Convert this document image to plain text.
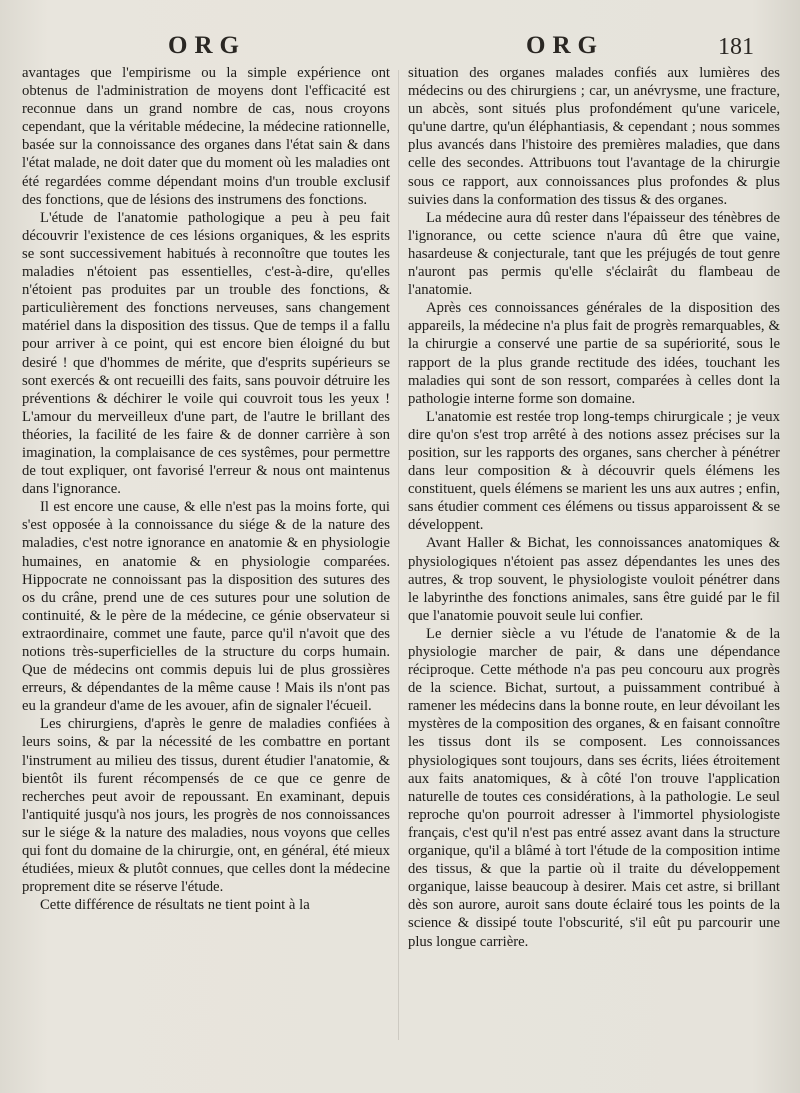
ORG	ORG	181

avantages que l'empirisme ou la simple expérience ont obtenus de l'administration de moyens dont l'efficacité est reconnue dans un grand nombre de cas, nous croyons cependant, que la véritable médecine, la médecine rationnelle, basée sur la connoissance des organes dans l'état sain & dans l'état malade, ne doit dater que du moment où les maladies ont été regardées comme dépendant moins d'un trouble exclusif des fonctions, que de lésions des instrumens des fonctions.

L'étude de l'anatomie pathologique a peu à peu fait découvrir l'existence de ces lésions organiques, & les esprits se sont successivement habitués à reconnoître que toutes les maladies n'étoient pas essentielles, c'est-à-dire, qu'elles n'étoient pas produites par un trouble des fonctions, & particulièrement des fonctions nerveuses, sans changement matériel dans la disposition des tissus. Que de temps il a fallu pour arriver à ce point, qui est encore bien éloigné du but desiré ! que d'hommes de mérite, que d'esprits supérieurs se sont exercés & ont recueilli des faits, sans pouvoir détruire les préventions & déchirer le voile qui couvroit tous les yeux ! L'amour du merveilleux d'une part, de l'autre le brillant des théories, la facilité de les faire & de donner carrière à son imagination, la complaisance de ces systêmes, pour permettre de tout expliquer, ont favorisé l'erreur & nous ont maintenus dans l'ignorance.

Il est encore une cause, & elle n'est pas la moins forte, qui s'est opposée à la connoissance du siége & de la nature des maladies, c'est notre ignorance en anatomie & en physiologie humaines, en anatomie & en physiologie comparées. Hippocrate ne connoissant pas la disposition des sutures des os du crâne, prend une de ces sutures pour une solution de continuité, & le père de la médecine, ce génie observateur si extraordinaire, commet une faute, parce qu'il n'avoit que des notions très-superficielles de la structure du corps humain. Que de médecins ont commis depuis lui de plus grossières erreurs, & dépendantes de la même cause ! Mais ils n'ont pas eu la grandeur d'ame de les avouer, afin de signaler l'écueil.

Les chirurgiens, d'après le genre de maladies confiées à leurs soins, & par la nécessité de les combattre en portant l'instrument au milieu des tissus, durent étudier l'anatomie, & bientôt ils furent récompensés de ce que ce genre de recherches peut avoir de repoussant. En examinant, depuis l'antiquité jusqu'à nos jours, les progrès de nos connoissances sur le siége & la nature des maladies, nous voyons que celles qui font du domaine de la chirurgie, ont, en général, été mieux étudiées, mieux & plutôt connues, que celles dont la médecine proprement dite se réserve l'étude.

Cette différence de résultats ne tient point à la

situation des organes malades confiés aux lumières des médecins ou des chirurgiens ; car, un anévrysme, une fracture, un abcès, sont situés plus profondément qu'une varicele, qu'une dartre, qu'un éléphantiasis, & cependant ; nous sommes plus avancés dans l'histoire des premières maladies, que dans celle des secondes. Attribuons tout l'avantage de la chirurgie sous ce rapport, aux connoissances plus profondes & plus suivies dans la conformation des tissus & des organes.

La médecine aura dû rester dans l'épaisseur des ténèbres de l'ignorance, ou cette science n'aura dû être que vaine, hasardeuse & conjecturale, tant que les préjugés de tout genre n'auront pas permis qu'elle s'éclairât du flambeau de l'anatomie.

Après ces connoissances générales de la disposition des appareils, la médecine n'a plus fait de progrès remarquables, & la chirurgie a conservé une partie de sa supériorité, sous le rapport de la plus grande rectitude des idées, touchant les maladies qui sont de son ressort, comparées à celles dont la pathologie interne forme son domaine.

L'anatomie est restée trop long-temps chirurgicale ; je veux dire qu'on s'est trop arrêté à des notions assez précises sur la position, sur les rapports des organes, sans chercher à pénétrer dans leur composition & à découvrir quels élémens les constituent, quels élémens se marient les uns aux autres ; enfin, sans étudier comment ces élémens ou tissus apparoissent & se développent.

Avant Haller & Bichat, les connoissances anatomiques & physiologiques n'étoient pas assez dépendantes les unes des autres, & trop souvent, le physiologiste vouloit pénétrer dans le labyrinthe des fonctions animales, sans être guidé par le fil que l'anatomie pouvoit seule lui confier.

Le dernier siècle a vu l'étude de l'anatomie & de la physiologie marcher de pair, & dans une dépendance réciproque. Cette méthode n'a pas peu concouru aux progrès de la science. Bichat, surtout, a puissamment contribué à ramener les médecins dans la bonne route, en leur dévoilant les mystères de la composition des organes, & en faisant connoître les tissus dont ils se composent. Les connoissances physiologiques sont toujours, dans ses écrits, liées étroitement aux faits anatomiques, & à côté l'on trouve l'application naturelle de toutes ces considérations, à la pathologie. Le seul reproche qu'on pourroit adresser à l'immortel physiologiste français, c'est qu'il n'est pas entré assez avant dans la structure organique, qu'il a blâmé à tort l'étude de la composition intime des tissus, & que la partie où il traite du développement organique, laisse beaucoup à desirer. Mais cet astre, si brillant dès son aurore, auroit sans doute éclairé tous les points de la science & dissipé toute l'obscurité, s'il eût pu parcourir une plus longue carrière.
